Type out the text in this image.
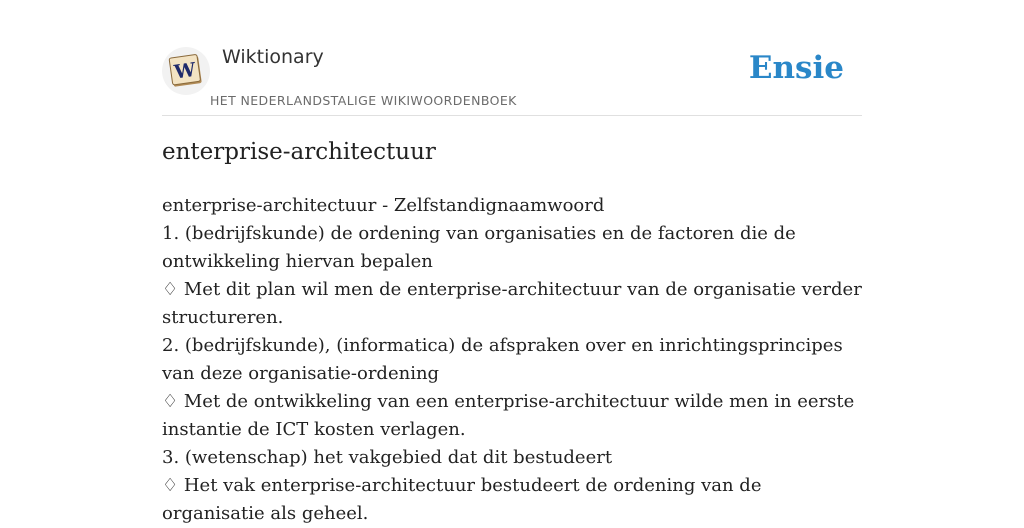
W
Wiktionary
HET NEDERLANDSTALIGE WIKIWOORDENBOEK
Ensie
enterprise-architectuur
enterprise-architectuur - Zelfstandignaamwoord
1. (bedrijfskunde) de ordening van organisaties en de factoren die de ontwikkeling hiervan bepalen
♢ Met dit plan wil men de enterprise-architectuur van de organisatie verder structureren.
2. (bedrijfskunde), (informatica) de afspraken over en inrichtingsprincipes van deze organisatie-ordening
♢ Met de ontwikkeling van een enterprise-architectuur wilde men in eerste instantie de ICT kosten verlagen.
3. (wetenschap) het vakgebied dat dit bestudeert
♢ Het vak enterprise-architectuur bestudeert de ordening van de organisatie als geheel.
